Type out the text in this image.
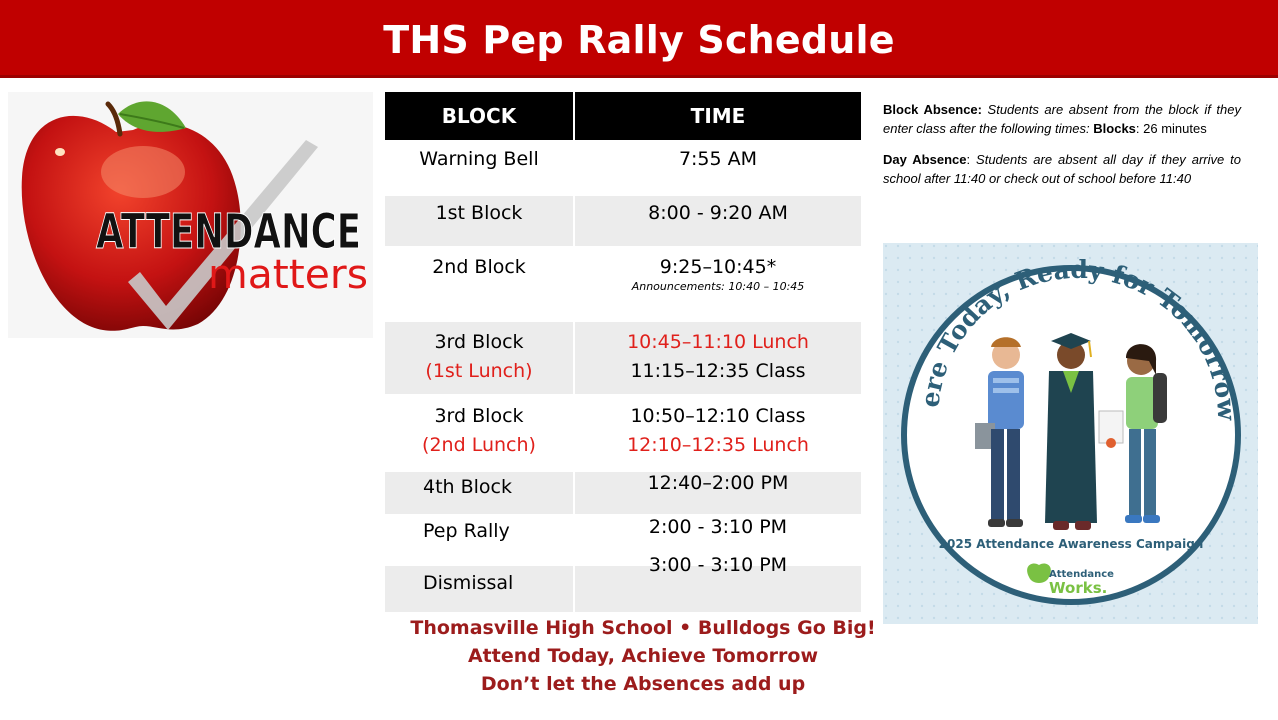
THS Pep Rally Schedule
ATTENDANCE
matters
BLOCK	TIME
Warning Bell	7:55 AM
1st Block	8:00 - 9:20 AM
2nd Block	9:25–10:45*
Announcements: 10:40 – 10:45

3rd Block
(1st Lunch)	10:45–11:10 Lunch
11:15–12:35 Class
3rd Block
(2nd Lunch)	10:50–12:10 Class
12:10–12:35 Lunch
4th Block	12:40–2:00 PM
Pep Rally	2:00 - 3:10 PM
Dismissal	3:00 - 3:10 PM

Block Absence: Students are absent from the block if they enter class after the following times: Blocks: 26 minutes

Day Absence: Students are absent all day if they arrive to school after 11:40 or check out of school before 11:40

ere Today, Ready for Tomorrow
2025 Attendance Awareness Campaign
Attendance
Works.
Thomasville High School • Bulldogs Go Big!
Attend Today, Achieve Tomorrow
Don’t let the Absences add up
